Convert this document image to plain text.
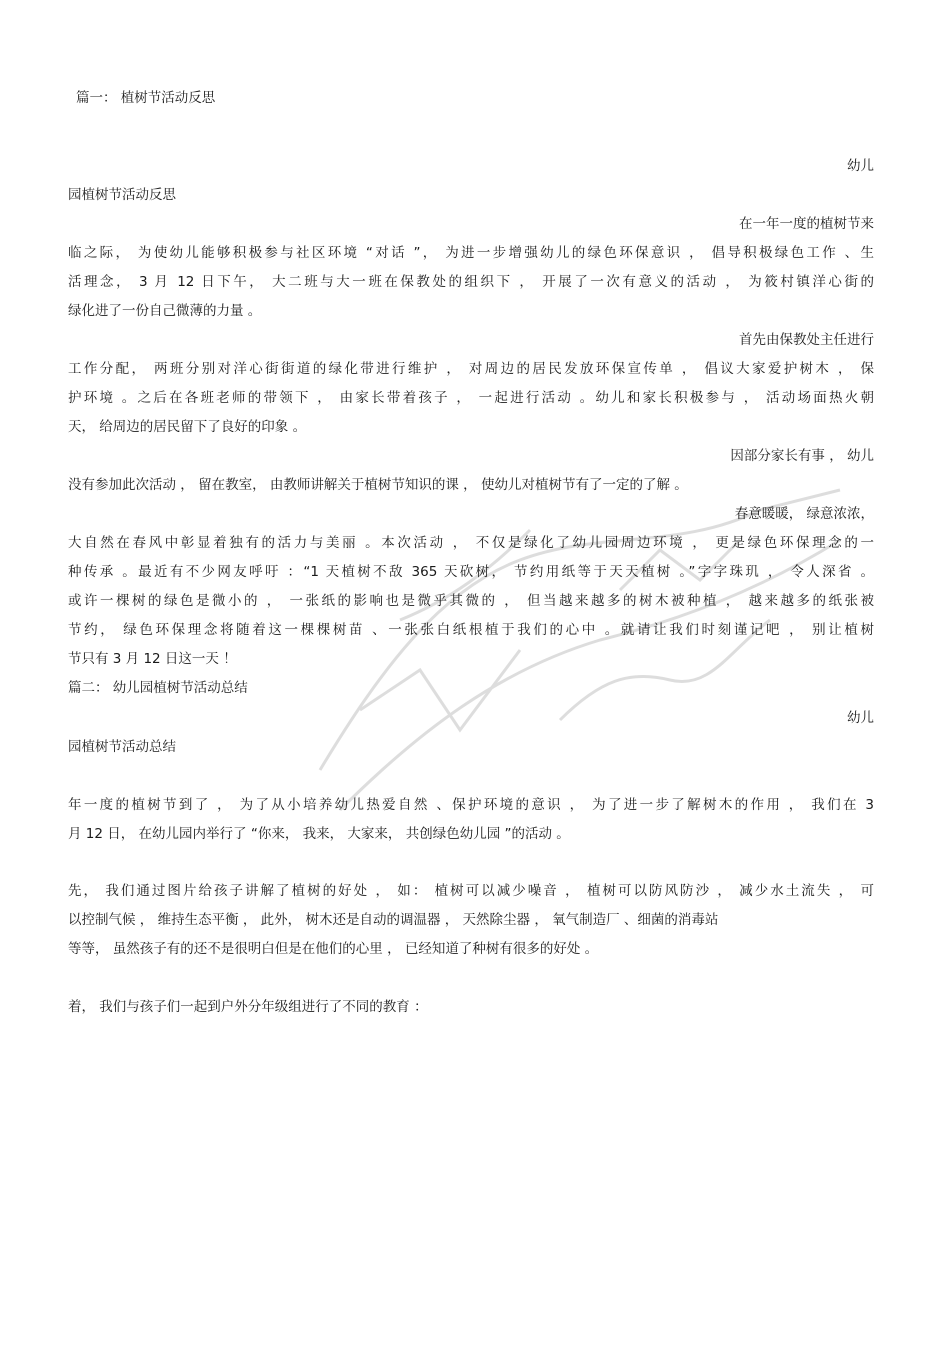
篇一： 植树节活动反思
幼儿
园植树节活动反思
在一年一度的植树节来
临之际， 为使幼儿能够积极参与社区环境 “对话 ”， 为进一步增强幼儿的绿色环保意识 ， 倡导积极绿色工作 、生
活理念， 3 月 12 日下午， 大二班与大一班在保教处的组织下 ， 开展了一次有意义的活动 ， 为筱村镇洋心街的
绿化进了一份自己微薄的力量 。
首先由保教处主任进行
工作分配， 两班分别对洋心街街道的绿化带进行维护 ， 对周边的居民发放环保宣传单 ， 倡议大家爱护树木 ， 保
护环境 。之后在各班老师的带领下 ， 由家长带着孩子 ， 一起进行活动 。幼儿和家长积极参与 ， 活动场面热火朝
天， 给周边的居民留下了良好的印象 。
因部分家长有事 ， 幼儿
没有参加此次活动 ， 留在教室， 由教师讲解关于植树节知识的课 ， 使幼儿对植树节有了一定的了解 。
春意暖暖， 绿意浓浓，
大自然在春风中彰显着独有的活力与美丽 。本次活动 ， 不仅是绿化了幼儿园周边环境 ， 更是绿色环保理念的一
种传承 。最近有不少网友呼吁 ：“1 天植树不敌 365 天砍树， 节约用纸等于天天植树 。”字字珠玑 ， 令人深省 。
或许一棵树的绿色是微小的 ， 一张纸的影响也是微乎其微的 ， 但当越来越多的树木被种植 ， 越来越多的纸张被
节约， 绿色环保理念将随着这一棵棵树苗 、一张张白纸根植于我们的心中 。就请让我们时刻谨记吧 ， 别让植树
节只有 3 月 12 日这一天 ！
篇二： 幼儿园植树节活动总结
幼儿
园植树节活动总结
年一度的植树节到了 ， 为了从小培养幼儿热爱自然 、保护环境的意识 ， 为了进一步了解树木的作用 ， 我们在 3
月 12 日， 在幼儿园内举行了 “你来， 我来， 大家来， 共创绿色幼儿园 ”的活动 。
先， 我们通过图片给孩子讲解了植树的好处 ， 如： 植树可以减少噪音 ， 植树可以防风防沙 ， 减少水土流失 ， 可
以控制气候 ， 维持生态平衡 ， 此外， 树木还是自动的调温器 ， 天然除尘器 ， 氧气制造厂 、细菌的消毒站
等等， 虽然孩子有的还不是很明白但是在他们的心里 ， 已经知道了种树有很多的好处 。
着， 我们与孩子们一起到户外分年级组进行了不同的教育 ：
